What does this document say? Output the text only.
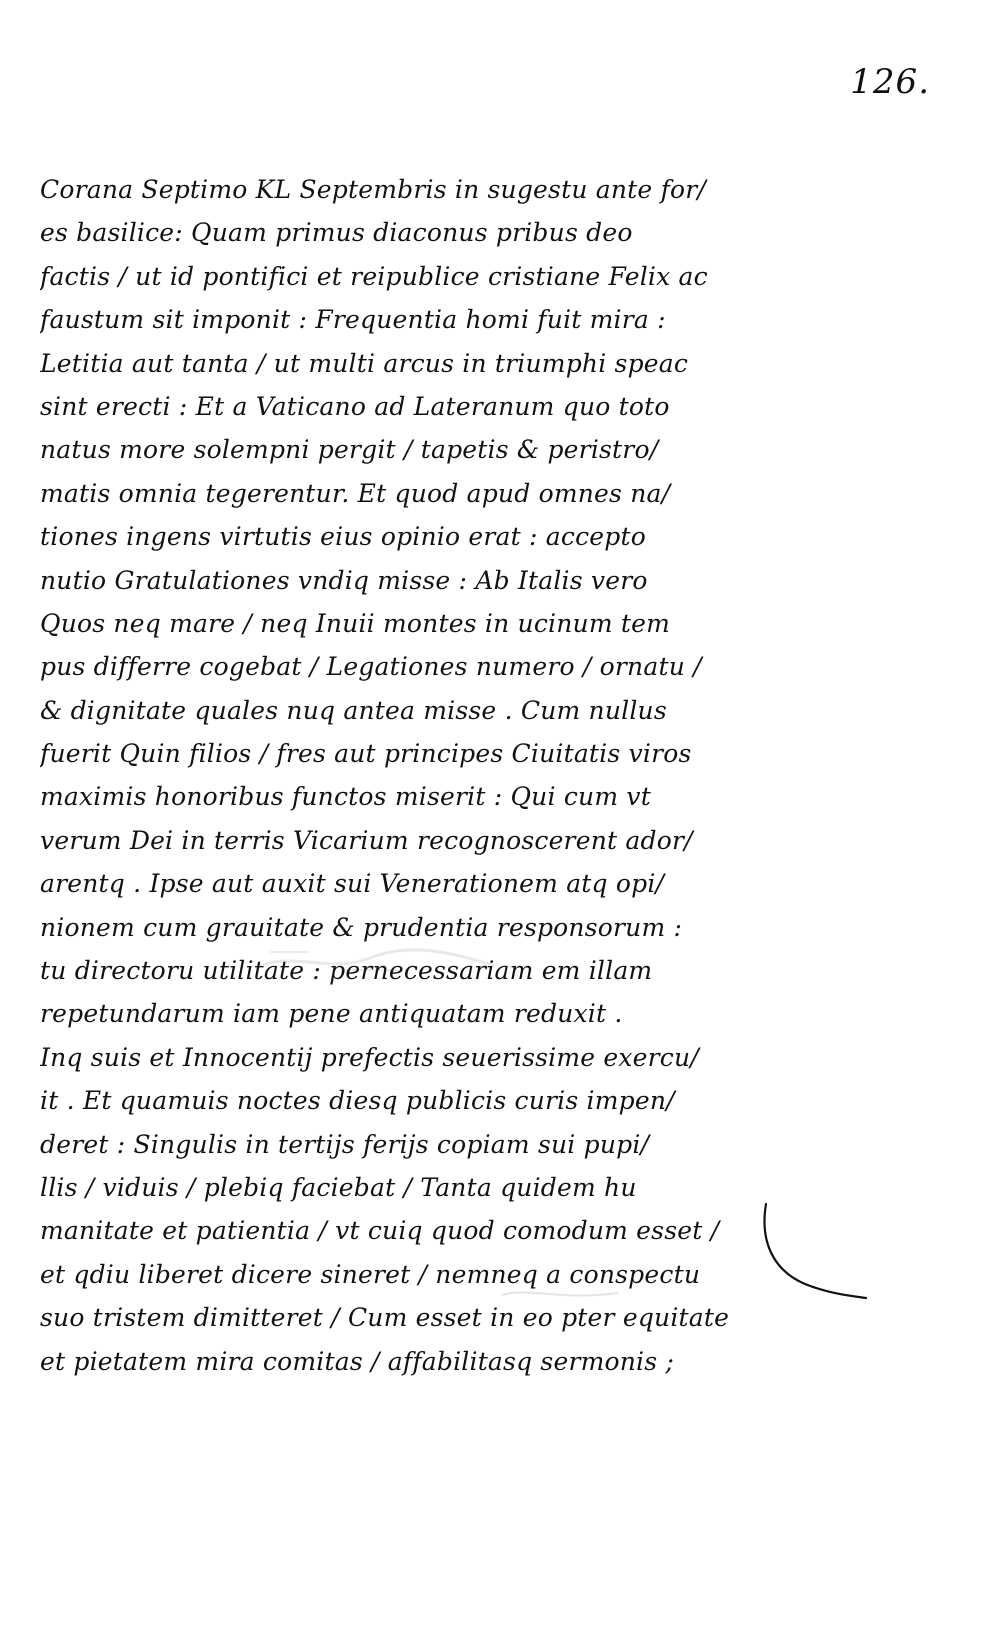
126.
Corana Septimo KL Septembris in sugestu ante for/
es basilice: Quam primus diaconus pribus deo
factis / ut id pontifici et reipublice cristiane Felix ac
faustum sit imponit : Frequentia homi fuit mira :
Letitia aut tanta / ut multi arcus in triumphi speac
sint erecti : Et a Vaticano ad Lateranum quo toto
natus more solempni pergit / tapetis & peristro/
matis omnia tegerentur. Et quod apud omnes na/
tiones ingens virtutis eius opinio erat : accepto
nutio Gratulationes vndiq misse : Ab Italis vero
Quos neq mare / neq Inuii montes in ucinum tem
pus differre cogebat / Legationes numero / ornatu /
& dignitate quales nuq antea misse . Cum nullus
fuerit Quin filios / fres aut principes Ciuitatis viros
maximis honoribus functos miserit : Qui cum vt
verum Dei in terris Vicarium recognoscerent ador/
arentq . Ipse aut auxit sui Venerationem atq opi/
nionem cum grauitate & prudentia responsorum :
tu directoru utilitate : pernecessariam em illam
repetundarum iam pene antiquatam reduxit .
Inq suis et Innocentij prefectis seuerissime exercu/
it . Et quamuis noctes diesq publicis curis impen/
deret : Singulis in tertijs ferijs copiam sui pupi/
llis / viduis / plebiq faciebat / Tanta quidem hu
manitate et patientia / vt cuiq quod comodum esset /
et qdiu liberet dicere sineret / nemneq a conspectu
suo tristem dimitteret / Cum esset in eo pter equitate
et pietatem mira comitas / affabilitasq sermonis ;
